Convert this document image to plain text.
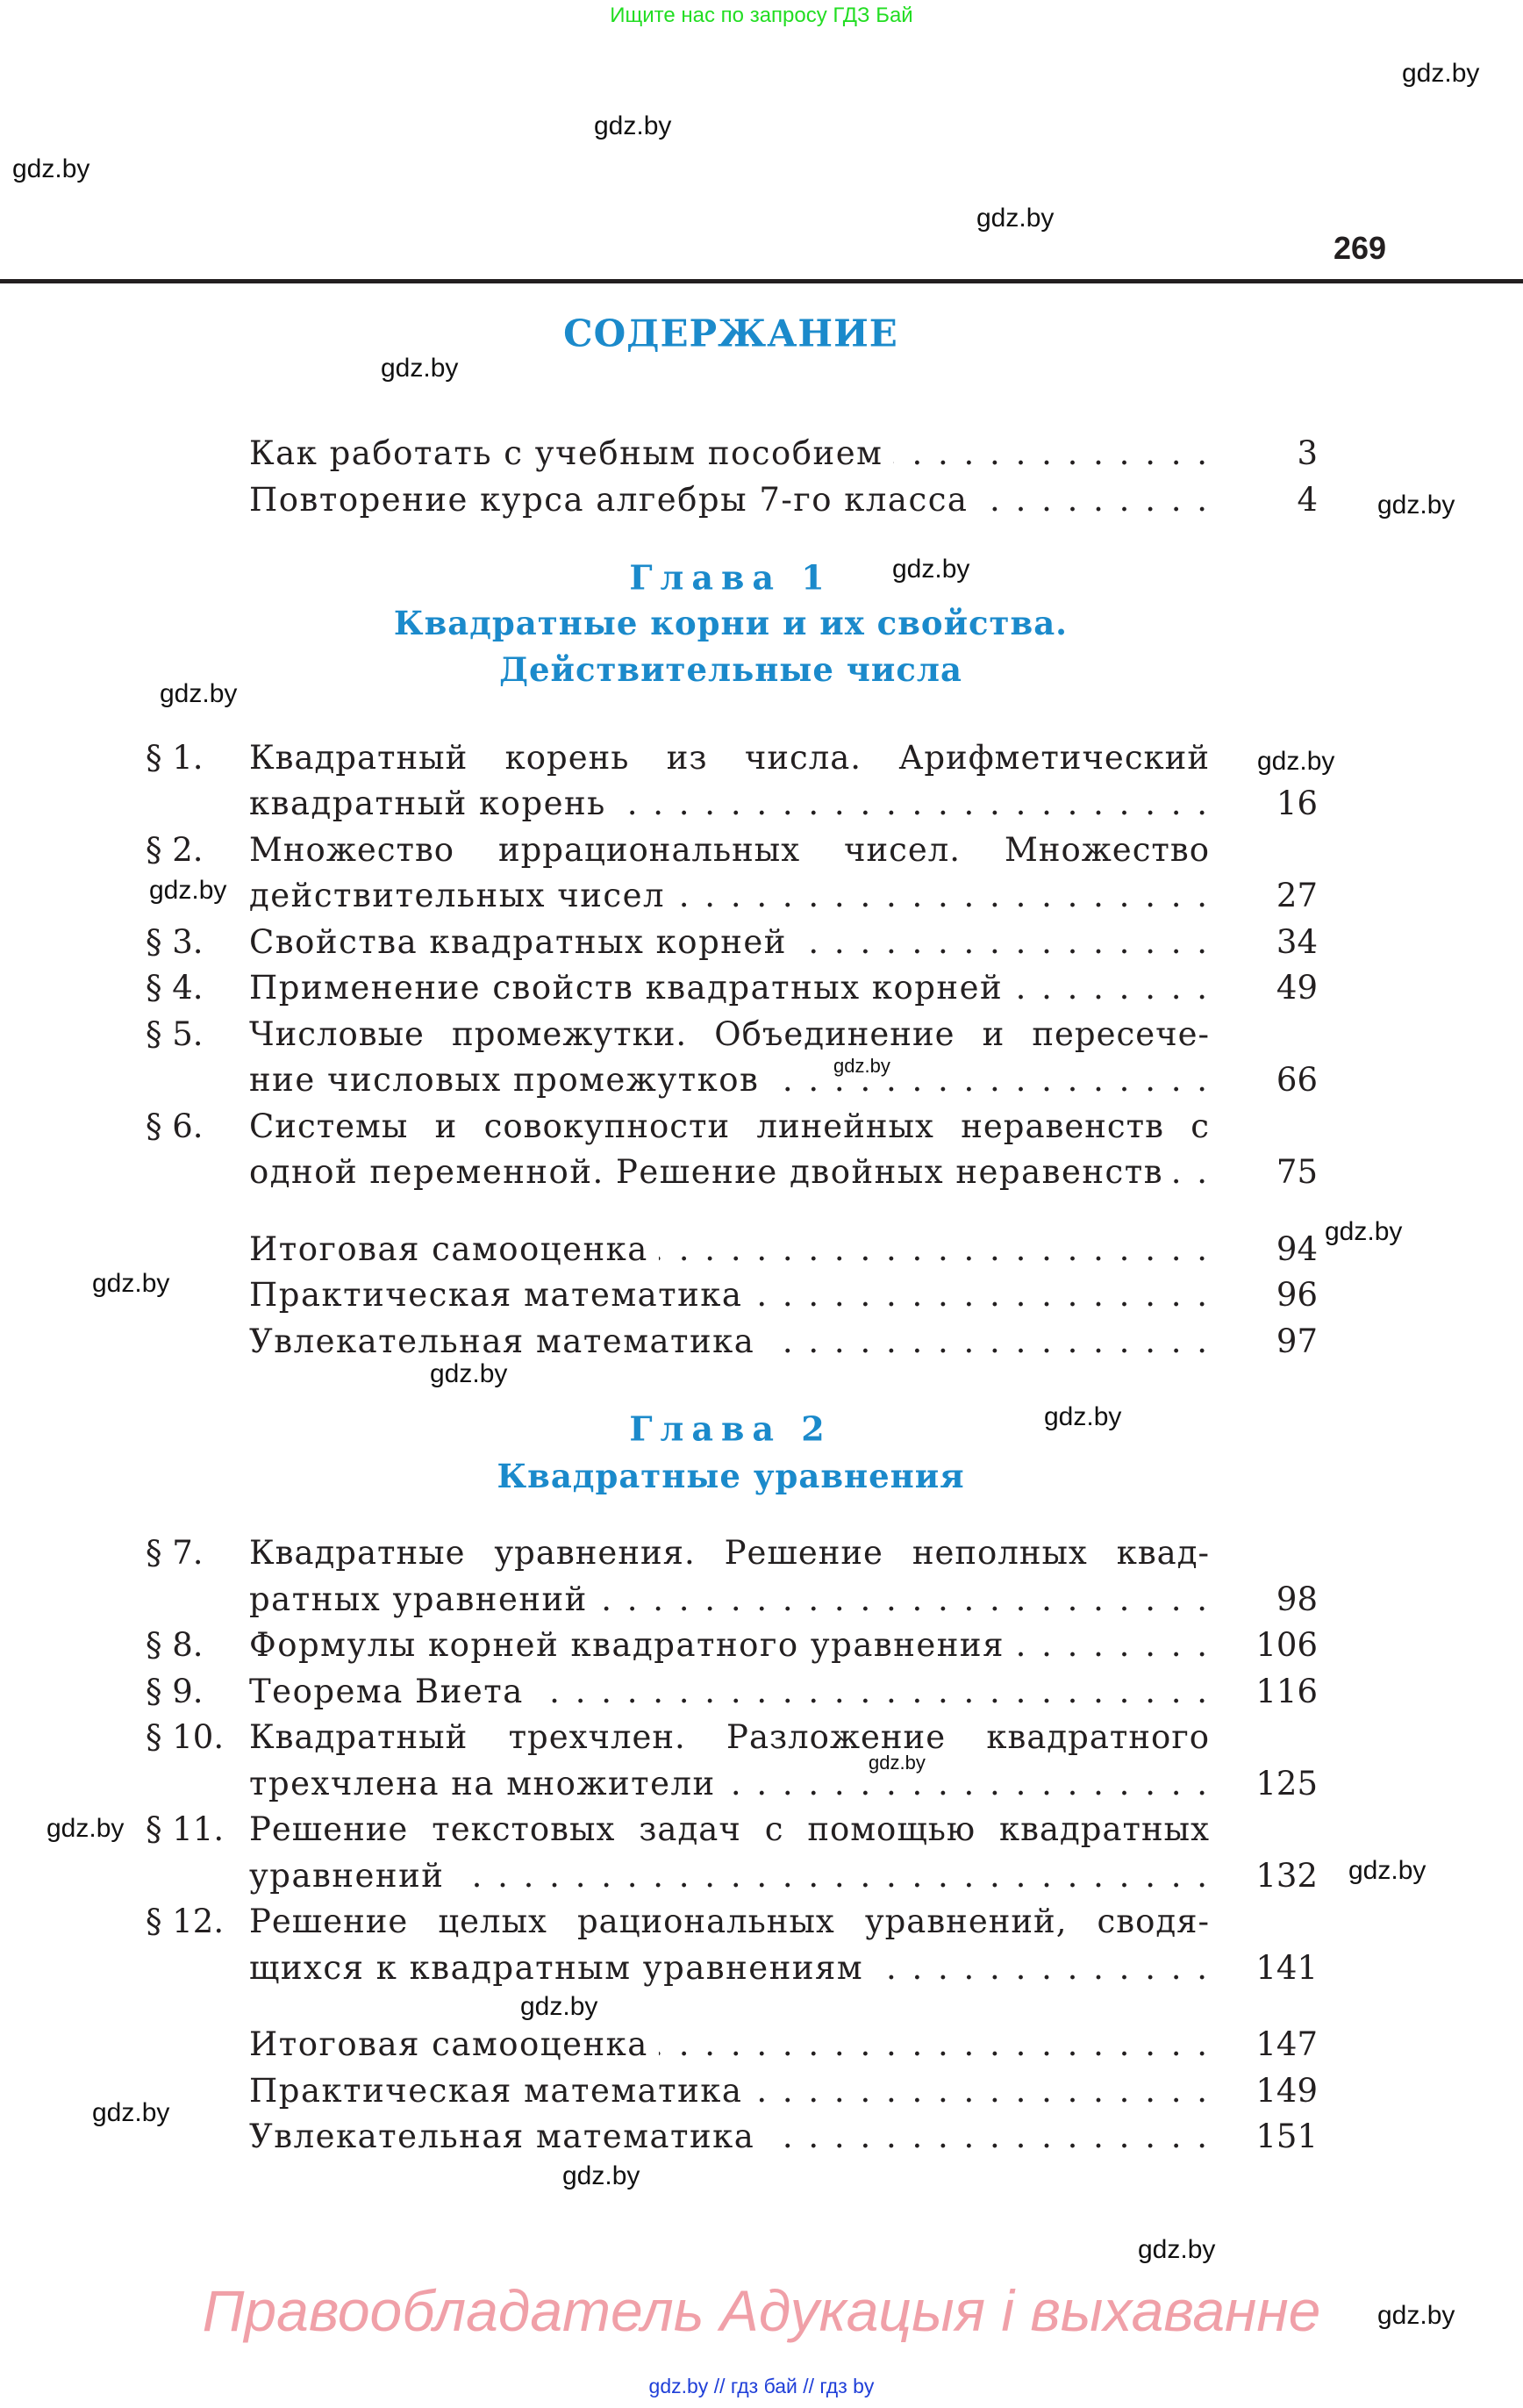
Ищите нас по запросу ГДЗ Бай
269
СОДЕРЖАНИЕ
Глава 1
Квадратные корни и их свойства.
Действительные числа
Глава 2
Квадратные уравнения
Как работать с учебным пособием . . .	3
Повторение курса алгебры 7-го класса . . .	4
§ 1.	Квадратный корень из числа. Арифметический
квадратный корень . . .	16
§ 2.	Множество иррациональных чисел. Множество
действительных чисел . . .	27
§ 3.	Свойства квадратных корней . . .	34
§ 4.	Применение свойств квадратных корней . . .	49
§ 5.	Числовые промежутки. Объединение и пересече-
ние числовых промежутков . . .	66
§ 6.	Системы и совокупности линейных неравенств с
одной переменной. Решение двойных неравенств . . .	75
Итоговая самооценка . . .	94
Практическая математика . . .	96
Увлекательная математика . . .	97
§ 7.	Квадратные уравнения. Решение неполных квад-
ратных уравнений . . .	98
§ 8.	Формулы корней квадратного уравнения . . .	106
§ 9.	Теорема Виета . . .	116
§ 10. Квадратный трехчлен. Разложение квадратного
трехчлена на множители . . .	125
§ 11. Решение текстовых задач с помощью квадратных
уравнений . . .	132
§ 12. Решение целых рациональных уравнений, сводя-
щихся к квадратным уравнениям . . .	141
Итоговая самооценка . . .	147
Практическая математика . . .	149
Увлекательная математика . . .	151
gdz.by
gdz.by
gdz.by
gdz.by
gdz.by
gdz.by
gdz.by
gdz.by
gdz.by
gdz.by
gdz.by
gdz.by
gdz.by
gdz.by
gdz.by
gdz.by
gdz.by
gdz.by
gdz.by
gdz.by
gdz.by
gdz.by
gdz.by
Правообладатель Адукацыя і выхаванне
gdz.by // гдз бай // гдз by
